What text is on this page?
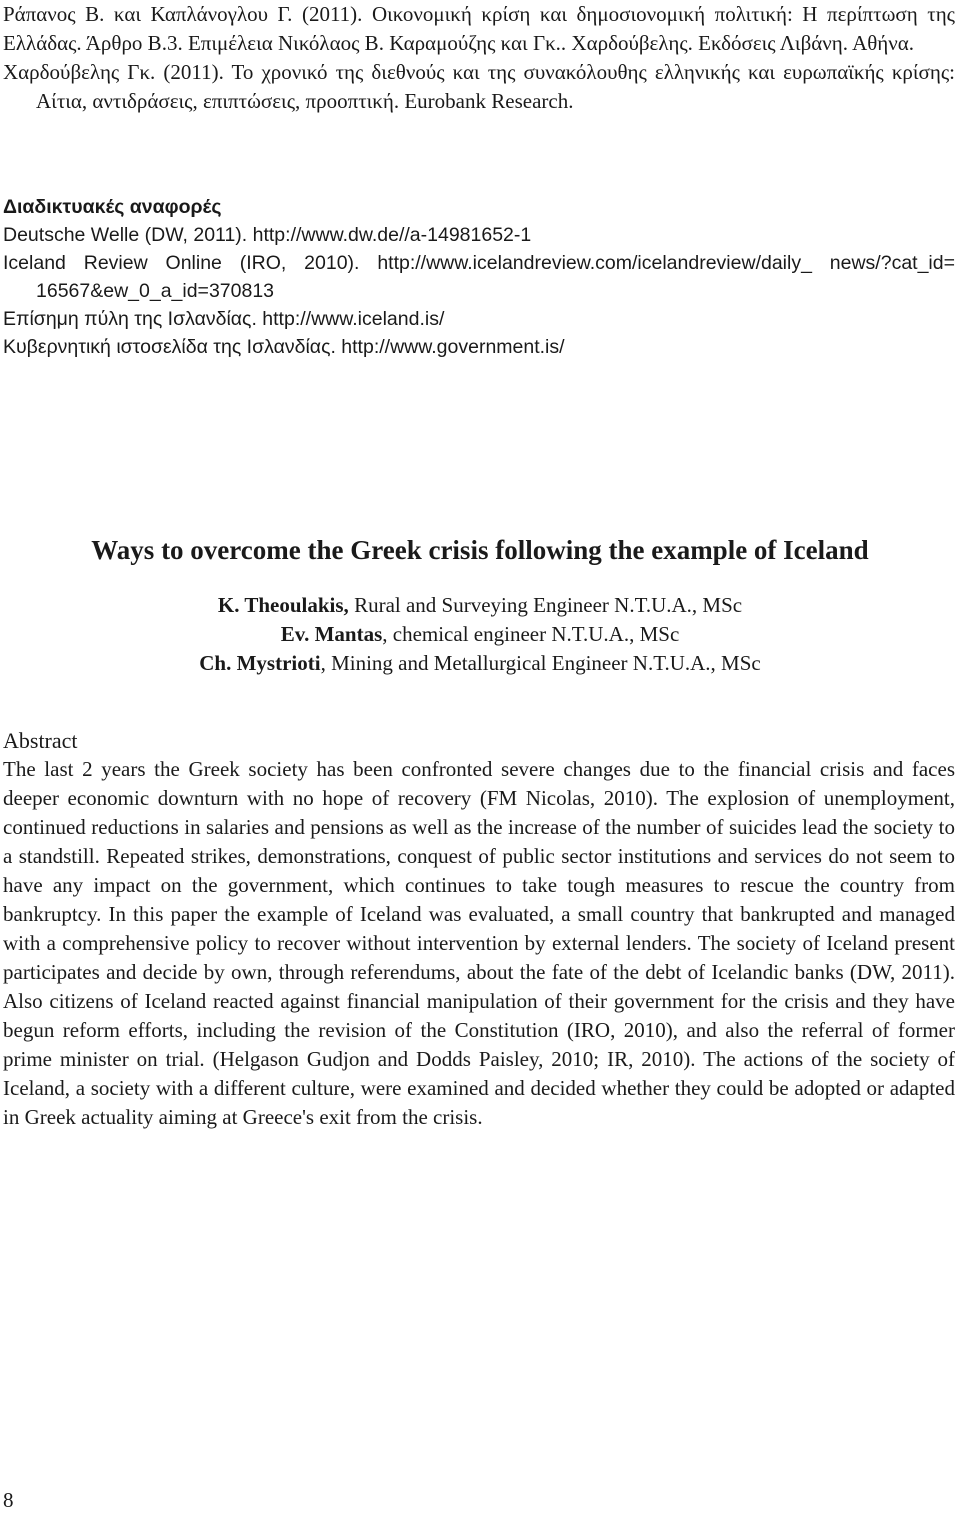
Ράπανος Β. και Καπλάνογλου Γ. (2011). Οικονομική κρίση και δημοσιονομική πολιτική: Η περίπτωση της Ελλάδας. Άρθρο Β.3. Επιμέλεια Νικόλαος Β. Καραμούζης και Γκ.. Χαρδούβελης. Εκδόσεις Λιβάνη. Αθήνα.

Χαρδούβελης Γκ. (2011). Το χρονικό της διεθνούς και της συνακόλουθης ελληνικής και ευρωπαϊκής κρίσης: Αίτια, αντιδράσεις, επιπτώσεις, προοπτική. Eurobank Research.

Διαδικτυακές αναφορές

Deutsche Welle (DW, 2011). http://www.dw.de//a-14981652-1

Iceland Review Online (IRO, 2010). http://www.icelandreview.com/icelandreview/daily_ news/?cat_id= 16567&ew_0_a_id=370813

Επίσημη πύλη της Ισλανδίας. http://www.iceland.is/

Κυβερνητική ιστοσελίδα της Ισλανδίας. http://www.government.is/

Ways to overcome the Greek crisis following the example of Iceland
K. Theoulakis, Rural and Surveying Engineer N.T.U.A., MSc
Ev. Mantas, chemical engineer N.T.U.A., MSc
Ch. Mystrioti, Mining and Metallurgical Engineer N.T.U.A., MSc

Abstract

The last 2 years the Greek society has been confronted severe changes due to the financial crisis and faces deeper economic downturn with no hope of recovery (FM Nicolas, 2010). The explosion of unemployment, continued reductions in salaries and pensions as well as the increase of the number of suicides lead the society to a standstill. Repeated strikes, demonstrations, conquest of public sector institutions and services do not seem to have any impact on the government, which continues to take tough measures to rescue the country from bankruptcy. In this paper the example of Iceland was evaluated, a small country that bankrupted and managed with a comprehensive policy to recover without intervention by external lenders. The society of Iceland present participates and decide by own, through referendums, about the fate of the debt of Icelandic banks (DW, 2011). Also citizens of Iceland reacted against financial manipulation of their government for the crisis and they have begun reform efforts, including the revision of the Constitution (IRO, 2010), and also the referral of former prime minister on trial. (Helgason Gudjon and Dodds Paisley, 2010; IR, 2010). The actions of the society of Iceland, a society with a different culture, were examined and decided whether they could be adopted or adapted in Greek actuality aiming at Greece's exit from the crisis.

8
